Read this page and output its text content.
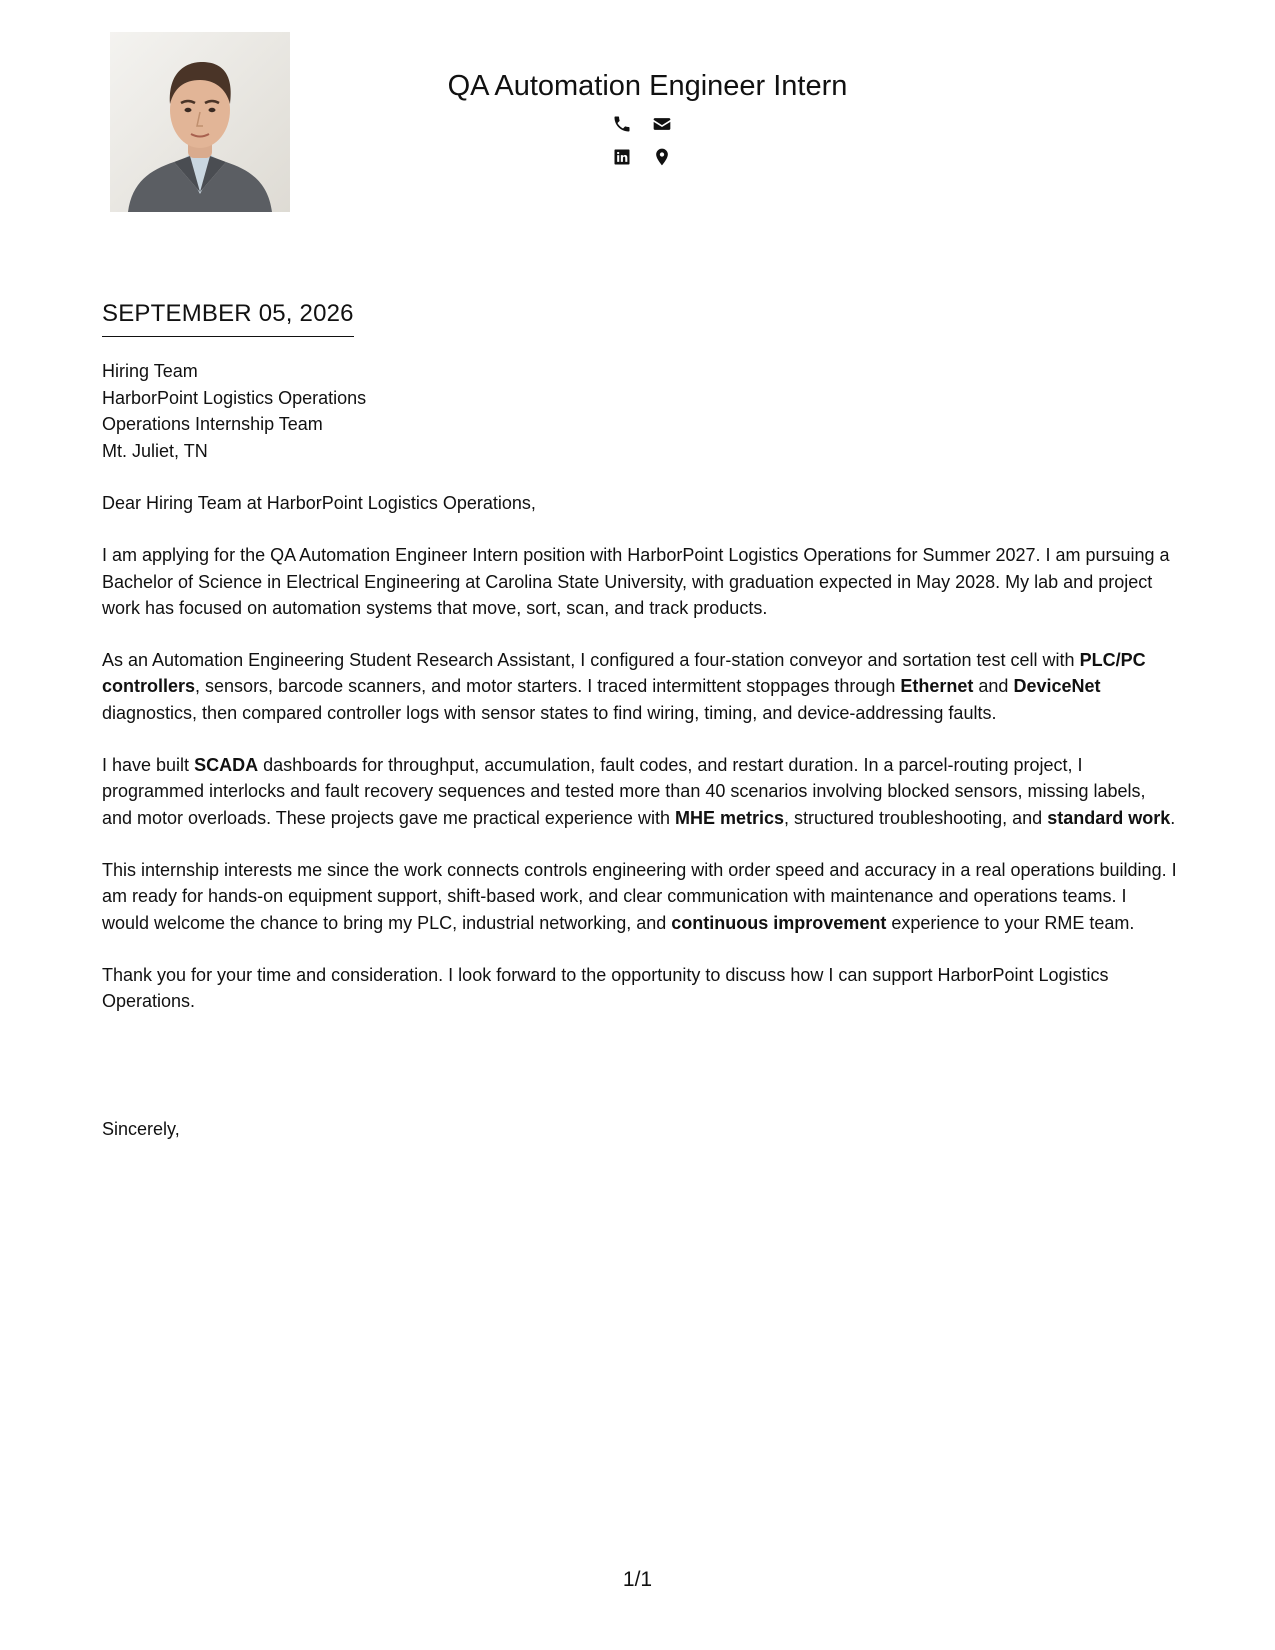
QA Automation Engineer Intern
SEPTEMBER 05, 2026
Hiring Team
HarborPoint Logistics Operations
Operations Internship Team
Mt. Juliet, TN

Dear Hiring Team at HarborPoint Logistics Operations,

I am applying for the QA Automation Engineer Intern position with HarborPoint Logistics Operations for Summer 2027. I am pursuing a Bachelor of Science in Electrical Engineering at Carolina State University, with graduation expected in May 2028. My lab and project work has focused on automation systems that move, sort, scan, and track products.

As an Automation Engineering Student Research Assistant, I configured a four-station conveyor and sortation test cell with PLC/PC controllers, sensors, barcode scanners, and motor starters. I traced intermittent stoppages through Ethernet and DeviceNet diagnostics, then compared controller logs with sensor states to find wiring, timing, and device-addressing faults.

I have built SCADA dashboards for throughput, accumulation, fault codes, and restart duration. In a parcel-routing project, I programmed interlocks and fault recovery sequences and tested more than 40 scenarios involving blocked sensors, missing labels, and motor overloads. These projects gave me practical experience with MHE metrics, structured troubleshooting, and standard work.

This internship interests me since the work connects controls engineering with order speed and accuracy in a real operations building. I am ready for hands-on equipment support, shift-based work, and clear communication with maintenance and operations teams. I would welcome the chance to bring my PLC, industrial networking, and continuous improvement experience to your RME team.

Thank you for your time and consideration. I look forward to the opportunity to discuss how I can support HarborPoint Logistics Operations.

Sincerely,
1/1
